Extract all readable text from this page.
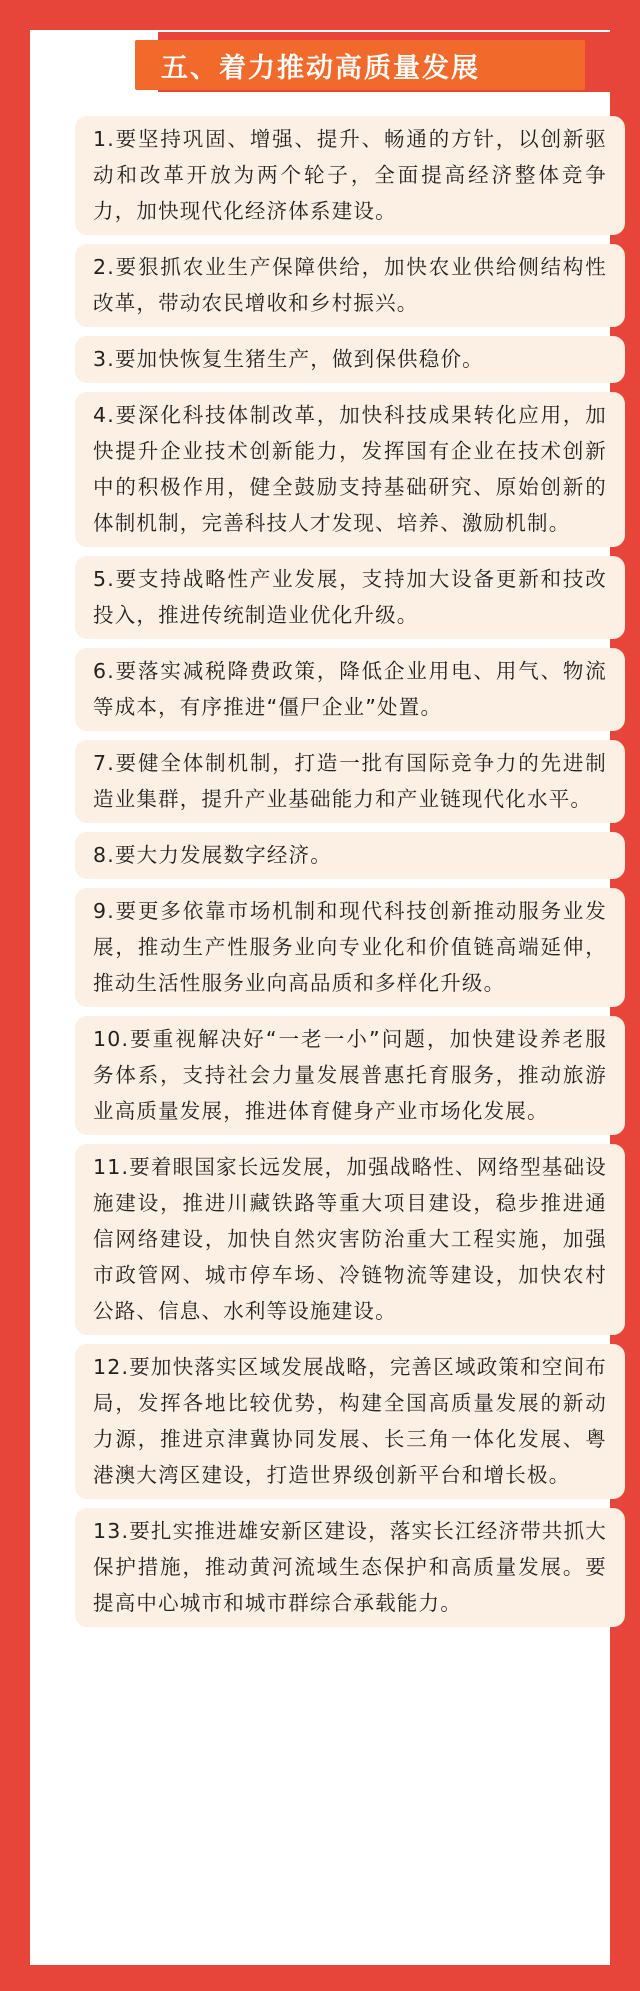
五、着力推动高质量发展
1.要坚持巩固、增强、提升、畅通的方针，以创新驱动和改革开放为两个轮子，全面提高经济整体竞争力，加快现代化经济体系建设。
2.要狠抓农业生产保障供给，加快农业供给侧结构性改革，带动农民增收和乡村振兴。
3.要加快恢复生猪生产，做到保供稳价。
4.要深化科技体制改革，加快科技成果转化应用，加快提升企业技术创新能力，发挥国有企业在技术创新中的积极作用，健全鼓励支持基础研究、原始创新的体制机制，完善科技人才发现、培养、激励机制。
5.要支持战略性产业发展，支持加大设备更新和技改投入，推进传统制造业优化升级。
6.要落实减税降费政策，降低企业用电、用气、物流等成本，有序推进“僵尸企业”处置。
7.要健全体制机制，打造一批有国际竞争力的先进制造业集群，提升产业基础能力和产业链现代化水平。
8.要大力发展数字经济。
9.要更多依靠市场机制和现代科技创新推动服务业发展，推动生产性服务业向专业化和价值链高端延伸，推动生活性服务业向高品质和多样化升级。
10.要重视解决好“一老一小”问题，加快建设养老服务体系，支持社会力量发展普惠托育服务，推动旅游业高质量发展，推进体育健身产业市场化发展。
11.要着眼国家长远发展，加强战略性、网络型基础设施建设，推进川藏铁路等重大项目建设，稳步推进通信网络建设，加快自然灾害防治重大工程实施，加强市政管网、城市停车场、冷链物流等建设，加快农村公路、信息、水利等设施建设。
12.要加快落实区域发展战略，完善区域政策和空间布局，发挥各地比较优势，构建全国高质量发展的新动力源，推进京津冀协同发展、长三角一体化发展、粤港澳大湾区建设，打造世界级创新平台和增长极。
13.要扎实推进雄安新区建设，落实长江经济带共抓大保护措施，推动黄河流域生态保护和高质量发展。要提高中心城市和城市群综合承载能力。
